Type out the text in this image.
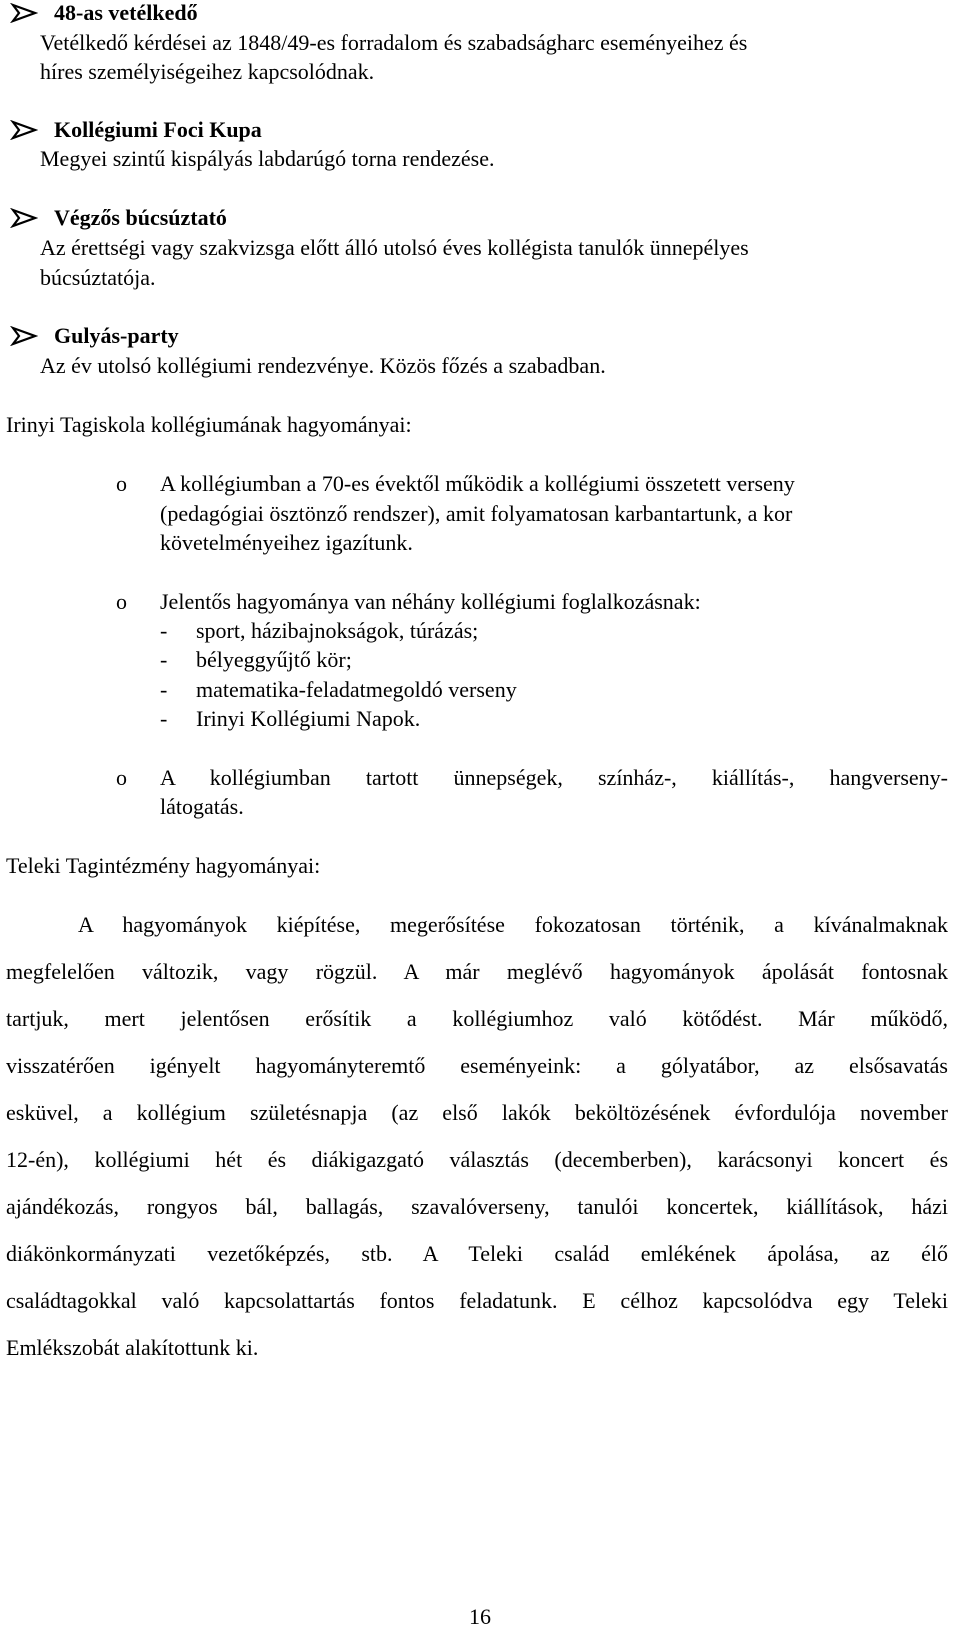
48-as vetélkedő
Vetélkedő kérdései az 1848/49-es forradalom és szabadságharc eseményeihez és
híres személyiségeihez kapcsolódnak.
Kollégiumi Foci Kupa
Megyei szintű kispályás labdarúgó torna rendezése.
Végzős búcsúztató
Az érettségi vagy szakvizsga előtt álló utolsó éves kollégista tanulók ünnepélyes
búcsúztatója.
Gulyás-party
Az év utolsó kollégiumi rendezvénye. Közös főzés a szabadban.
Irinyi Tagiskola kollégiumának hagyományai:
o A kollégiumban a 70-es évektől működik a kollégiumi összetett verseny
(pedagógiai ösztönző rendszer), amit folyamatosan karbantartunk, a kor
követelményeihez igazítunk.
o Jelentős hagyománya van néhány kollégiumi foglalkozásnak:
- sport, házibajnokságok, túrázás;
- bélyeggyűjtő kör;
- matematika-feladatmegoldó verseny
- Irinyi Kollégiumi Napok.
o A kollégiumban tartott ünnepségek, színház-, kiállítás-, hangverseny-
látogatás.
Teleki Tagintézmény hagyományai:
A hagyományok kiépítése, megerősítése fokozatosan történik, a kívánalmaknak
megfelelően változik, vagy rögzül. A már meglévő hagyományok ápolását fontosnak
tartjuk, mert jelentősen erősítik a kollégiumhoz való kötődést. Már működő,
visszatérően igényelt hagyományteremtő eseményeink: a gólyatábor, az elsősavatás
esküvel, a kollégium születésnapja (az első lakók beköltözésének évfordulója november
12-én), kollégiumi hét és diákigazgató választás (decemberben), karácsonyi koncert és
ajándékozás, rongyos bál, ballagás, szavalóverseny, tanulói koncertek, kiállítások, házi
diákönkormányzati vezetőképzés, stb. A Teleki család emlékének ápolása, az élő
családtagokkal való kapcsolattartás fontos feladatunk. E célhoz kapcsolódva egy Teleki
Emlékszobát alakítottunk ki.
16
